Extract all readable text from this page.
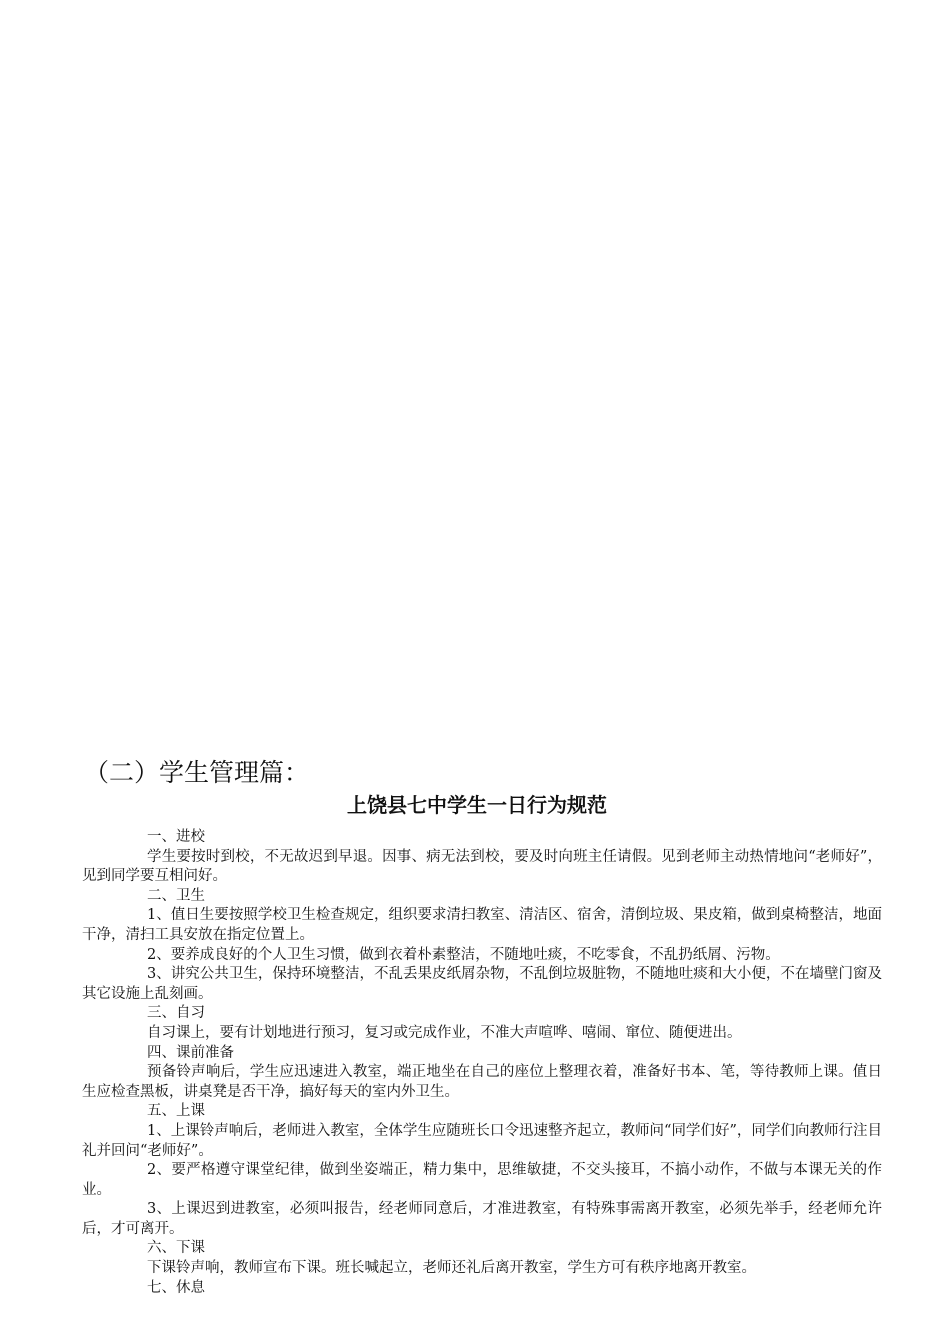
（二）学生管理篇：
上饶县七中学生一日行为规范
一、进校

学生要按时到校，不无故迟到早退。因事、病无法到校，要及时向班主任请假。见到老师主动热情地问“老师好”，见到同学要互相问好。

二、卫生

1、值日生要按照学校卫生检查规定，组织要求清扫教室、清洁区、宿舍，清倒垃圾、果皮箱，做到桌椅整洁，地面干净，清扫工具安放在指定位置上。

2、要养成良好的个人卫生习惯，做到衣着朴素整洁，不随地吐痰，不吃零食，不乱扔纸屑、污物。

3、讲究公共卫生，保持环境整洁，不乱丢果皮纸屑杂物，不乱倒垃圾脏物，不随地吐痰和大小便，不在墙壁门窗及其它设施上乱刻画。

三、自习

自习课上，要有计划地进行预习，复习或完成作业，不准大声喧哗、嘻闹、窜位、随便进出。

四、课前准备

预备铃声响后，学生应迅速进入教室，端正地坐在自己的座位上整理衣着，准备好书本、笔，等待教师上课。值日生应检查黑板，讲桌凳是否干净，搞好每天的室内外卫生。

五、上课

1、上课铃声响后，老师进入教室，全体学生应随班长口令迅速整齐起立，教师问“同学们好”，同学们向教师行注目礼并回问“老师好”。

2、要严格遵守课堂纪律，做到坐姿端正，精力集中，思维敏捷，不交头接耳，不搞小动作，不做与本课无关的作业。

3、上课迟到进教室，必须叫报告，经老师同意后，才准进教室，有特殊事需离开教室，必须先举手，经老师允许后，才可离开。

六、下课

下课铃声响，教师宣布下课。班长喊起立，老师还礼后离开教室，学生方可有秩序地离开教室。

七、休息
